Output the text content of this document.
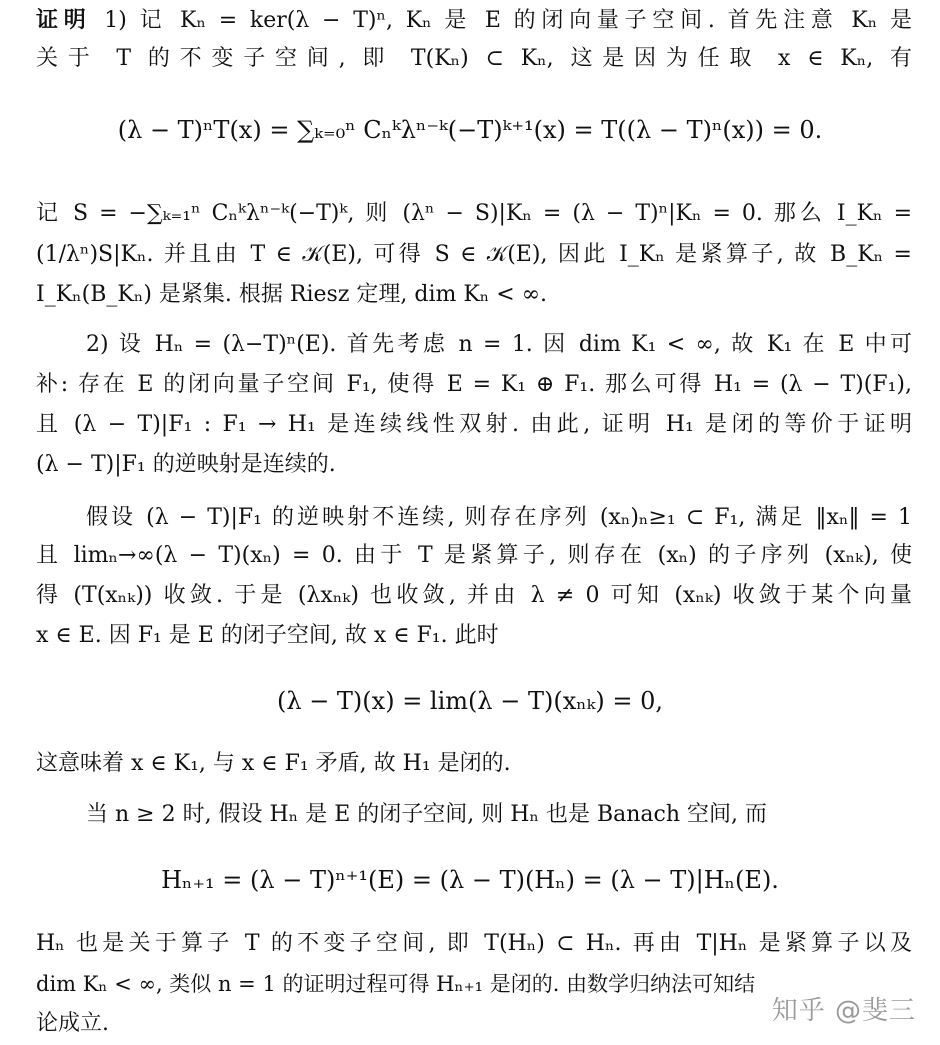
证明 1) 记 Kₙ = ker(λ − T)ⁿ, Kₙ 是 E 的闭向量子空间. 首先注意 Kₙ 是
关于 T 的不变子空间, 即 T(Kₙ) ⊂ Kₙ, 这是因为任取 x ∈ Kₙ, 有
(λ − T)ⁿT(x) = ∑ₖ₌₀ⁿ Cₙᵏλⁿ⁻ᵏ(−T)ᵏ⁺¹(x) = T((λ − T)ⁿ(x)) = 0.
记 S = −∑ₖ₌₁ⁿ Cₙᵏλⁿ⁻ᵏ(−T)ᵏ, 则 (λⁿ − S)|Kₙ = (λ − T)ⁿ|Kₙ = 0. 那么 I_Kₙ =
(1/λⁿ)S|Kₙ. 并且由 T ∈ 𝒦(E), 可得 S ∈ 𝒦(E), 因此 I_Kₙ 是紧算子, 故 B_Kₙ =
I_Kₙ(B_Kₙ) 是紧集. 根据 Riesz 定理, dim Kₙ < ∞.
2) 设 Hₙ = (λ−T)ⁿ(E). 首先考虑 n = 1. 因 dim K₁ < ∞, 故 K₁ 在 E 中可
补: 存在 E 的闭向量子空间 F₁, 使得 E = K₁ ⊕ F₁. 那么可得 H₁ = (λ − T)(F₁),
且 (λ − T)|F₁ : F₁ → H₁ 是连续线性双射. 由此, 证明 H₁ 是闭的等价于证明
(λ − T)|F₁ 的逆映射是连续的.
假设 (λ − T)|F₁ 的逆映射不连续, 则存在序列 (xₙ)ₙ≥₁ ⊂ F₁, 满足 ‖xₙ‖ = 1
且 limₙ→∞(λ − T)(xₙ) = 0. 由于 T 是紧算子, 则存在 (xₙ) 的子序列 (xₙₖ), 使
得 (T(xₙₖ)) 收敛. 于是 (λxₙₖ) 也收敛, 并由 λ ≠ 0 可知 (xₙₖ) 收敛于某个向量
x ∈ E. 因 F₁ 是 E 的闭子空间, 故 x ∈ F₁. 此时
(λ − T)(x) = lim(λ − T)(xₙₖ) = 0,
这意味着 x ∈ K₁, 与 x ∈ F₁ 矛盾, 故 H₁ 是闭的.
当 n ≥ 2 时, 假设 Hₙ 是 E 的闭子空间, 则 Hₙ 也是 Banach 空间, 而
Hₙ₊₁ = (λ − T)ⁿ⁺¹(E) = (λ − T)(Hₙ) = (λ − T)|Hₙ(E).
Hₙ 也是关于算子 T 的不变子空间, 即 T(Hₙ) ⊂ Hₙ. 再由 T|Hₙ 是紧算子以及
dim Kₙ < ∞, 类似 n = 1 的证明过程可得 Hₙ₊₁ 是闭的. 由数学归纳法可知结
论成立.	知乎 @斐三
